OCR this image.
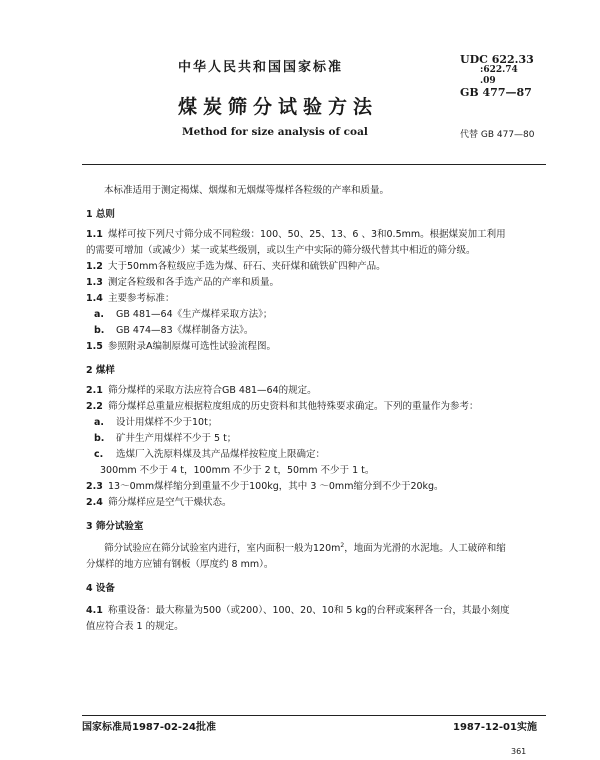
中华人民共和国国家标准
煤炭筛分试验方法
Method for size analysis of coal
UDC 622.33
:622.74
.09
GB 477—87
代替 GB 477—80
本标准适用于测定褐煤、烟煤和无烟煤等煤样各粒级的产率和质量。
1 总则
1.1 煤样可按下列尺寸筛分成不同粒级：100、50、25、13、6 、3和0.5mm。根据煤炭加工利用
的需要可增加（或减少）某一或某些级别，或以生产中实际的筛分级代替其中相近的筛分级。
1.2 大于50mm各粒级应手选为煤、矸石、夹矸煤和硫铁矿四种产品。
1.3 测定各粒级和各手选产品的产率和质量。
1.4 主要参考标准：
a. GB 481—64《生产煤样采取方法》；
b. GB 474—83《煤样制备方法》。
1.5 参照附录A编制原煤可选性试验流程图。
2 煤样
2.1 筛分煤样的采取方法应符合GB 481—64的规定。
2.2 筛分煤样总重量应根据粒度组成的历史资料和其他特殊要求确定。下列的重量作为参考：
a. 设计用煤样不少于10t；
b. 矿井生产用煤样不少于 5 t；
c. 选煤厂入洗原料煤及其产品煤样按粒度上限确定：
300mm 不少于 4 t，100mm 不少于 2 t，50mm 不少于 1 t。
2.3 13～0mm煤样缩分到重量不少于100kg，其中 3 ～0mm缩分到不少于20kg。
2.4 筛分煤样应是空气干燥状态。
3 筛分试验室
筛分试验应在筛分试验室内进行，室内面积一般为$120m^2$，地面为光滑的水泥地。人工破碎和缩
分煤样的地方应铺有钢板（厚度约 8 mm）。
4 设备
4.1 称重设备：最大称量为500（或200）、100、20、10和 5 kg的台秤或案秤各一台，其最小刻度
值应符合表 1 的规定。
国家标准局1987-02-24批准	1987-12-01实施
361
